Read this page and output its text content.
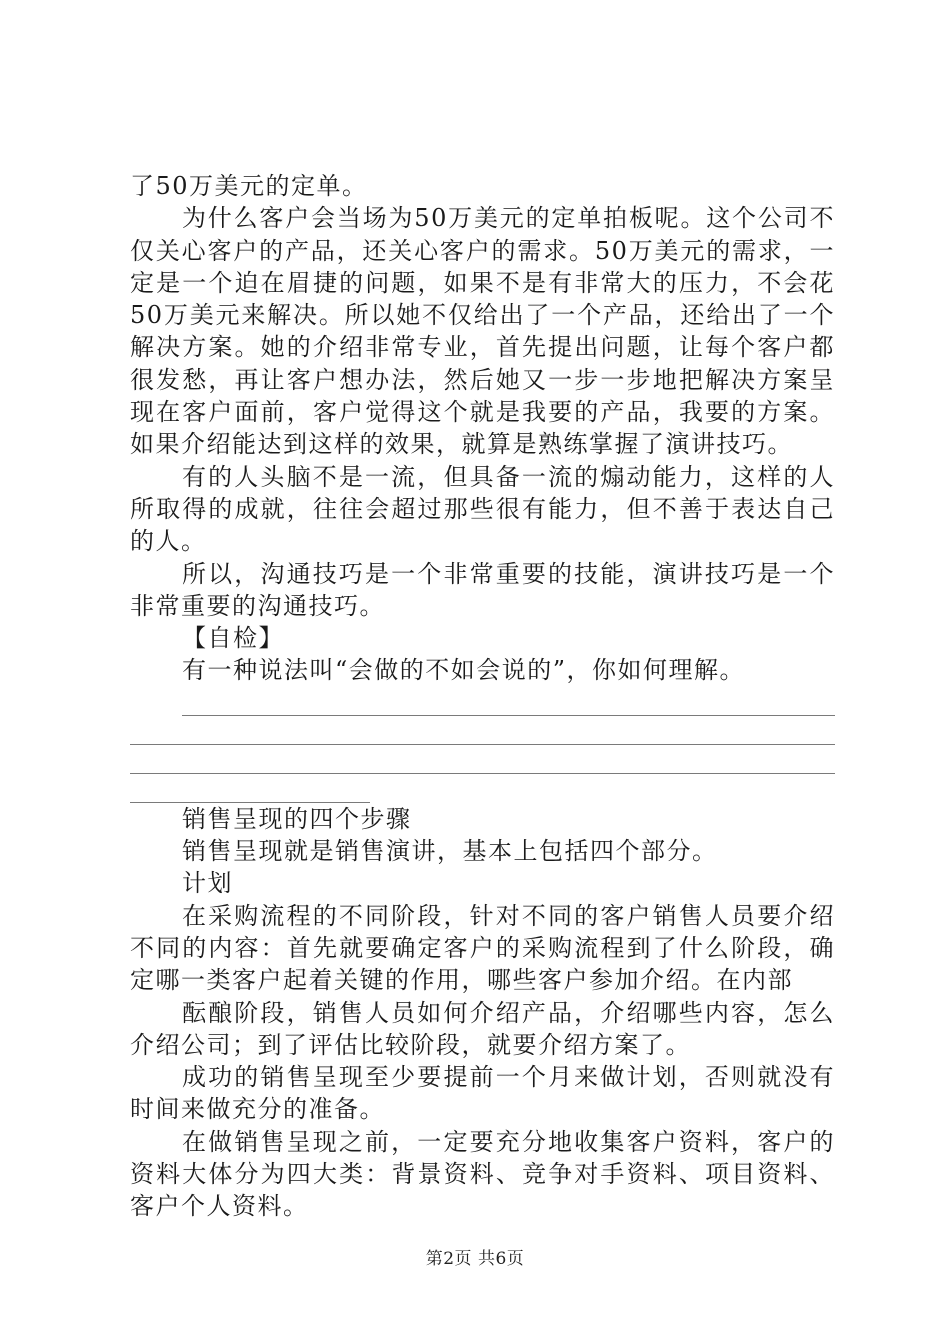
了50万美元的定单。

为什么客户会当场为50万美元的定单拍板呢。这个公司不仅关心客户的产品，还关心客户的需求。50万美元的需求，一定是一个迫在眉捷的问题，如果不是有非常大的压力，不会花50万美元来解决。所以她不仅给出了一个产品，还给出了一个解决方案。她的介绍非常专业，首先提出问题，让每个客户都很发愁，再让客户想办法，然后她又一步一步地把解决方案呈现在客户面前，客户觉得这个就是我要的产品，我要的方案。如果介绍能达到这样的效果，就算是熟练掌握了演讲技巧。

有的人头脑不是一流，但具备一流的煽动能力，这样的人所取得的成就，往往会超过那些很有能力，但不善于表达自己的人。

所以，沟通技巧是一个非常重要的技能，演讲技巧是一个非常重要的沟通技巧。

【自检】

有一种说法叫“会做的不如会说的”，你如何理解。

销售呈现的四个步骤

销售呈现就是销售演讲，基本上包括四个部分。

计划

在采购流程的不同阶段，针对不同的客户销售人员要介绍不同的内容：首先就要确定客户的采购流程到了什么阶段，确定哪一类客户起着关键的作用，哪些客户参加介绍。在内部

酝酿阶段，销售人员如何介绍产品，介绍哪些内容，怎么介绍公司；到了评估比较阶段，就要介绍方案了。

成功的销售呈现至少要提前一个月来做计划，否则就没有时间来做充分的准备。

在做销售呈现之前，一定要充分地收集客户资料，客户的资料大体分为四大类：背景资料、竞争对手资料、项目资料、客户个人资料。

第2页 共6页
